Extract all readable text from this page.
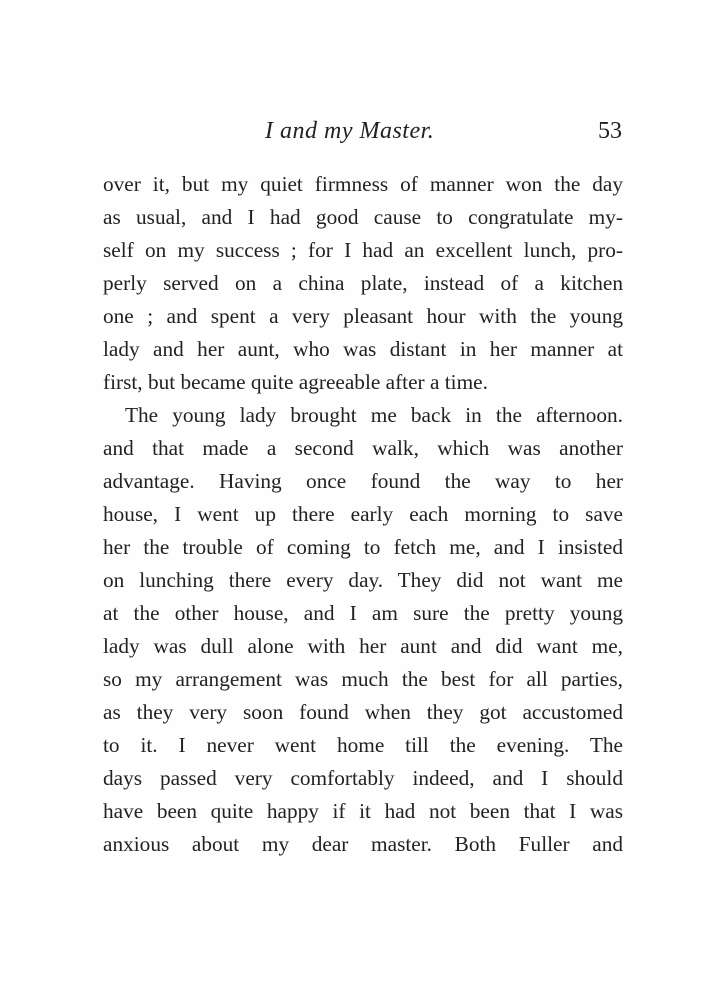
I and my Master.	53
over it, but my quiet firmness of manner won the day
as usual, and I had good cause to congratulate my-
self on my success ; for I had an excellent lunch, pro-
perly served on a china plate, instead of a kitchen
one ; and spent a very pleasant hour with the young
lady and her aunt, who was distant in her manner at
first, but became quite agreeable after a time.
The young lady brought me back in the afternoon.
and that made a second walk, which was another
advantage. Having once found the way to her
house, I went up there early each morning to save
her the trouble of coming to fetch me, and I insisted
on lunching there every day. They did not want me
at the other house, and I am sure the pretty young
lady was dull alone with her aunt and did want me,
so my arrangement was much the best for all parties,
as they very soon found when they got accustomed
to it. I never went home till the evening. The
days passed very comfortably indeed, and I should
have been quite happy if it had not been that I was
anxious about my dear master. Both Fuller and
